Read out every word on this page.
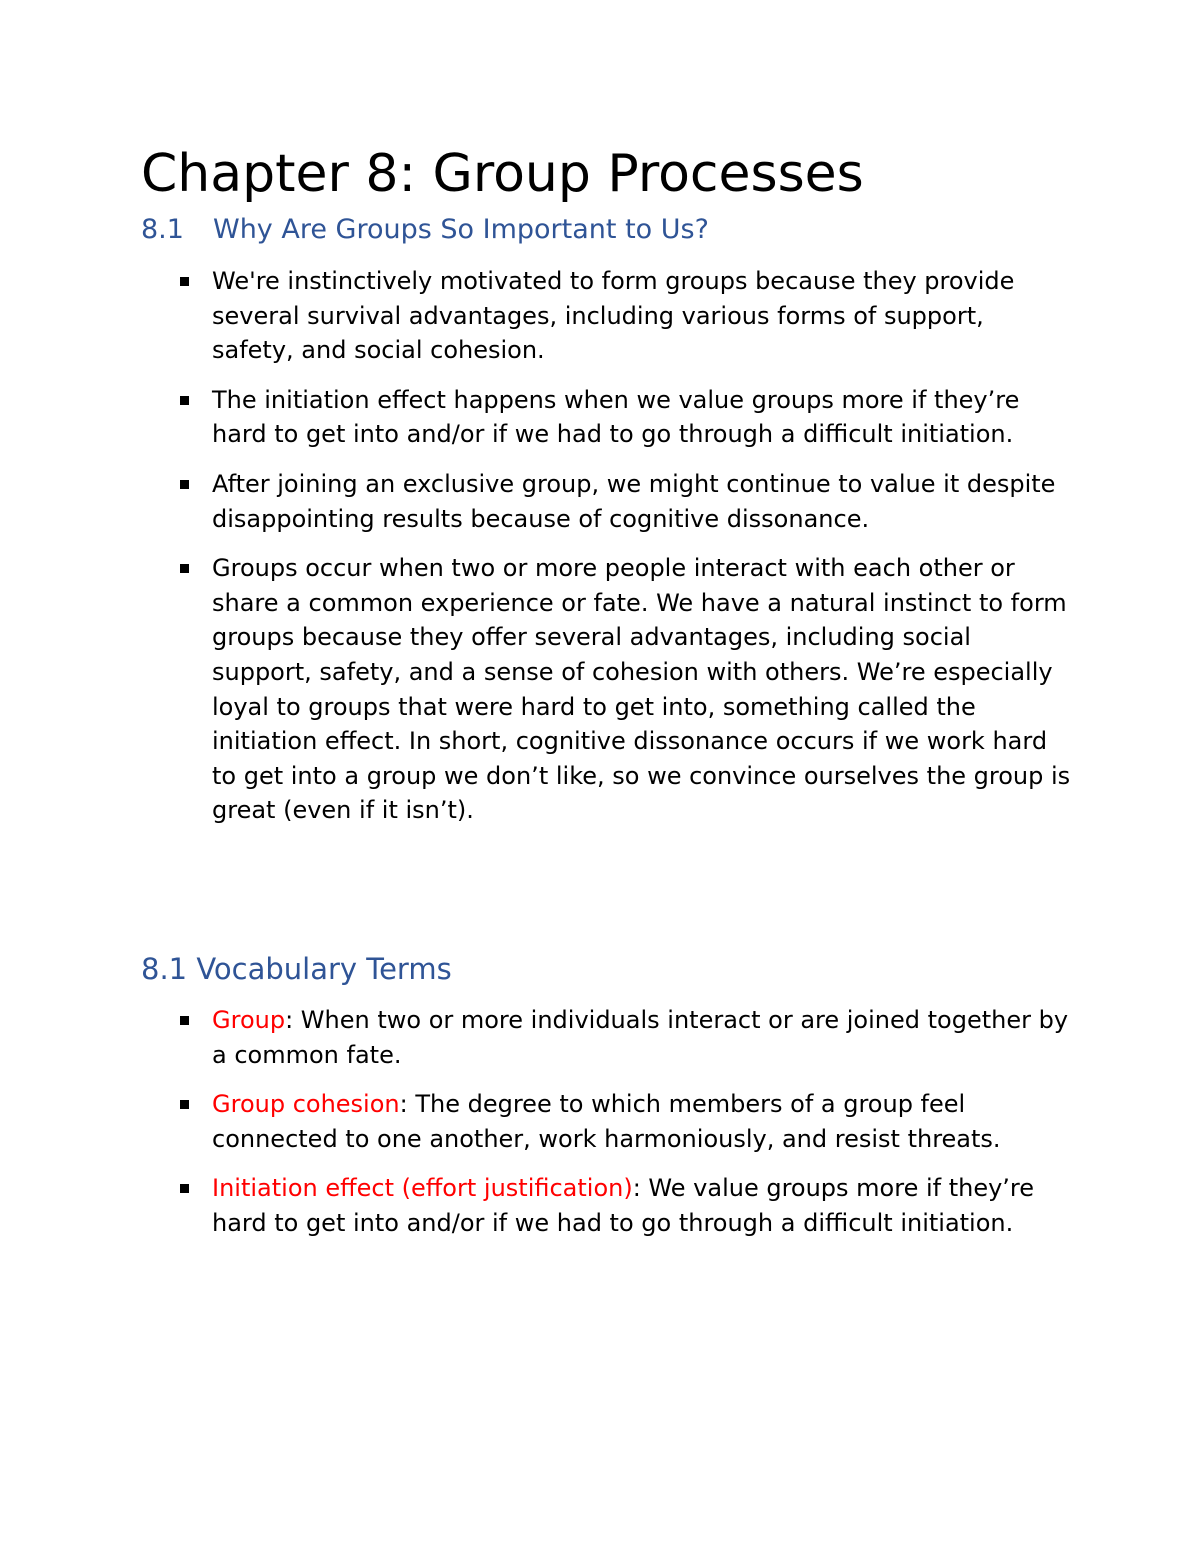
Chapter 8: Group Processes
8.1 Why Are Groups So Important to Us?
We're instinctively motivated to form groups because they provide several survival advantages, including various forms of support, safety, and social cohesion.
The initiation effect happens when we value groups more if they’re hard to get into and/or if we had to go through a difficult initiation.
After joining an exclusive group, we might continue to value it despite disappointing results because of cognitive dissonance.
Groups occur when two or more people interact with each other or share a common experience or fate. We have a natural instinct to form groups because they offer several advantages, including social support, safety, and a sense of cohesion with others. We’re especially loyal to groups that were hard to get into, something called the initiation effect. In short, cognitive dissonance occurs if we work hard to get into a group we don’t like, so we convince ourselves the group is great (even if it isn’t).
8.1 Vocabulary Terms
Group: When two or more individuals interact or are joined together by a common fate.
Group cohesion: The degree to which members of a group feel connected to one another, work harmoniously, and resist threats.
Initiation effect (effort justification): We value groups more if they’re hard to get into and/or if we had to go through a difficult initiation.
